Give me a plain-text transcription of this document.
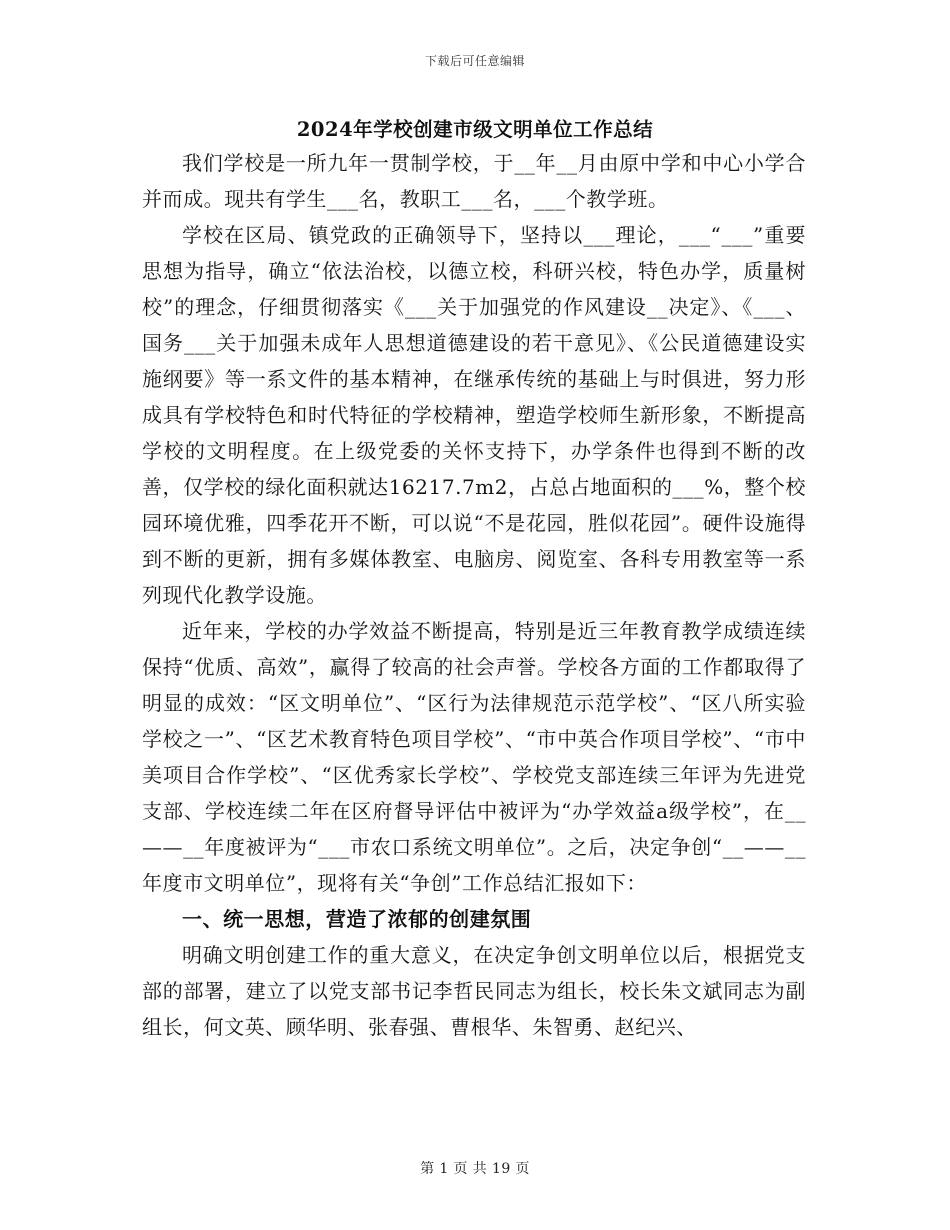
下载后可任意编辑
2024年学校创建市级文明单位工作总结

我们学校是一所九年一贯制学校，于__年__月由原中学和中心小学合并而成。现共有学生___名，教职工___名，___个教学班。

学校在区局、镇党政的正确领导下，坚持以___理论，___“___”重要思想为指导，确立“依法治校，以德立校，科研兴校，特色办学，质量树校”的理念，仔细贯彻落实《___关于加强党的作风建设__决定》、《___、国务___关于加强未成年人思想道德建设的若干意见》、《公民道德建设实施纲要》等一系文件的基本精神，在继承传统的基础上与时俱进，努力形成具有学校特色和时代特征的学校精神，塑造学校师生新形象，不断提高学校的文明程度。在上级党委的关怀支持下，办学条件也得到不断的改善，仅学校的绿化面积就达16217.7m2，占总占地面积的___%，整个校园环境优雅，四季花开不断，可以说“不是花园，胜似花园”。硬件设施得到不断的更新，拥有多媒体教室、电脑房、阅览室、各科专用教室等一系列现代化教学设施。

近年来，学校的办学效益不断提高，特别是近三年教育教学成绩连续保持“优质、高效”，赢得了较高的社会声誉。学校各方面的工作都取得了明显的成效：“区文明单位”、“区行为法律规范示范学校”、“区八所实验学校之一”、“区艺术教育特色项目学校”、“市中英合作项目学校”、“市中美项目合作学校”、“区优秀家长学校”、学校党支部连续三年评为先进党支部、学校连续二年在区府督导评估中被评为“办学效益a级学校”，在__——__年度被评为“___市农口系统文明单位”。之后，决定争创“__——__年度市文明单位”，现将有关“争创”工作总结汇报如下：

一、统一思想，营造了浓郁的创建氛围

明确文明创建工作的重大意义，在决定争创文明单位以后，根据党支部的部署，建立了以党支部书记李哲民同志为组长，校长朱文斌同志为副组长，何文英、顾华明、张春强、曹根华、朱智勇、赵纪兴、

第 1 页 共 19 页
